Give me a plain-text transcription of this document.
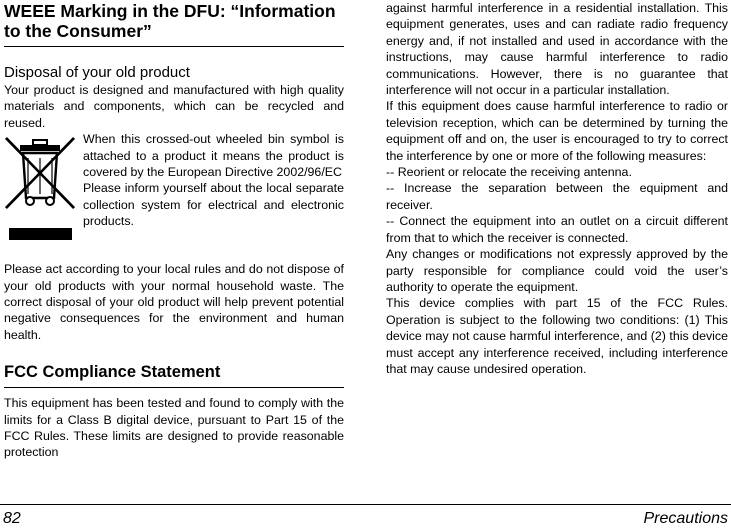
WEEE Marking in the DFU: “Information to the Consumer”

Disposal of your old product

Your product is designed and manufactured with high quality materials and components, which can be recycled and reused.

When this crossed-out wheeled bin symbol is attached to a product it means the product is covered by the European Directive 2002/96/EC

Please inform yourself about the local separate collection system for electrical and electronic products.

Please act according to your local rules and do not dispose of your old products with your normal household waste. The correct disposal of your old product will help prevent potential negative consequences for the environment and human health.

FCC Compliance Statement

This equipment has been tested and found to comply with the limits for a Class B digital device, pursuant to Part 15 of the FCC Rules. These limits are designed to provide reasonable protection

against harmful interference in a residential installation. This equipment generates, uses and can radiate radio frequency energy and, if not installed and used in accordance with the instructions, may cause harmful interference to radio communications. However, there is no guarantee that interference will not occur in a particular installation.

If this equipment does cause harmful interference to radio or television reception, which can be determined by turning the equipment off and on, the user is encouraged to try to correct the interference by one or more of the following measures:

-- Reorient or relocate the receiving antenna.

-- Increase the separation between the equipment and receiver.

-- Connect the equipment into an outlet on a circuit different from that to which the receiver is connected.

Any changes or modifications not expressly approved by the party responsible for compliance could void the user’s authority to operate the equipment.

This device complies with part 15 of the FCC Rules. Operation is subject to the following two conditions: (1) This device may not cause harmful interference, and (2) this device must accept any interference received, including interference that may cause undesired operation.

82	Precautions
